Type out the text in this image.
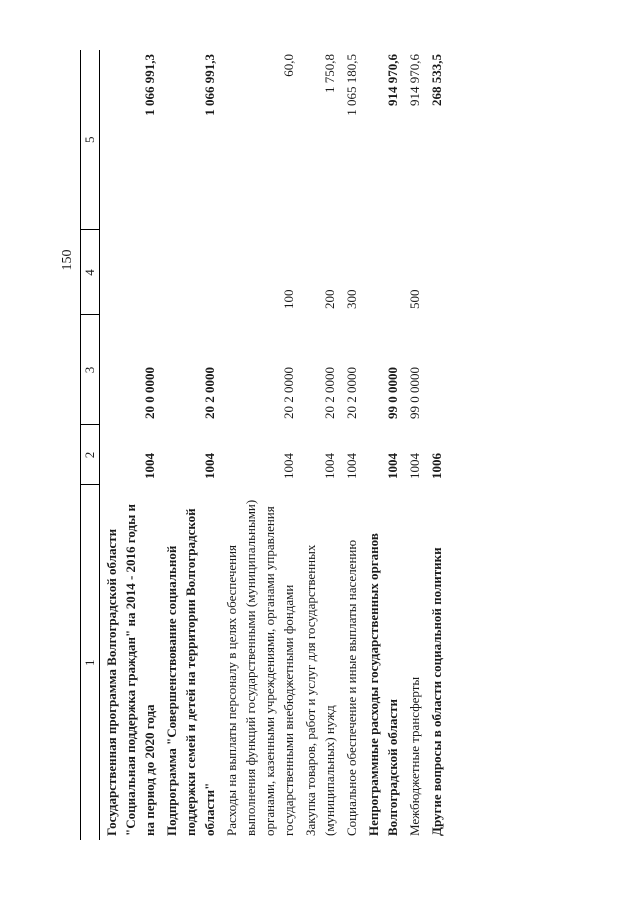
150
1	2	3	4	5
Государственная программа Волгоградской области "Социальная поддержка граждан" на 2014 - 2016 годы и на период до 2020 года	1004	20 0 0000		1 066 991,3
Подпрограмма "Совершенствование социальной поддержки семей и детей на территории Волгоградской области"	1004	20 2 0000		1 066 991,3
Расходы на выплаты персоналу в целях обеспечения выполнения функций государственными (муниципальными) органами, казенными учреждениями, органами управления государственными внебюджетными фондами	1004	20 2 0000	100	60,0
Закупка товаров, работ и услуг для государственных (муниципальных) нужд	1004	20 2 0000	200	1 750,8
Социальное обеспечение и иные выплаты населению	1004	20 2 0000	300	1 065 180,5
Непрограммные расходы государственных органов Волгоградской области	1004	99 0 0000		914 970,6
Межбюджетные трансферты	1004	99 0 0000	500	914 970,6
Другие вопросы в области социальной политики	1006			268 533,5
